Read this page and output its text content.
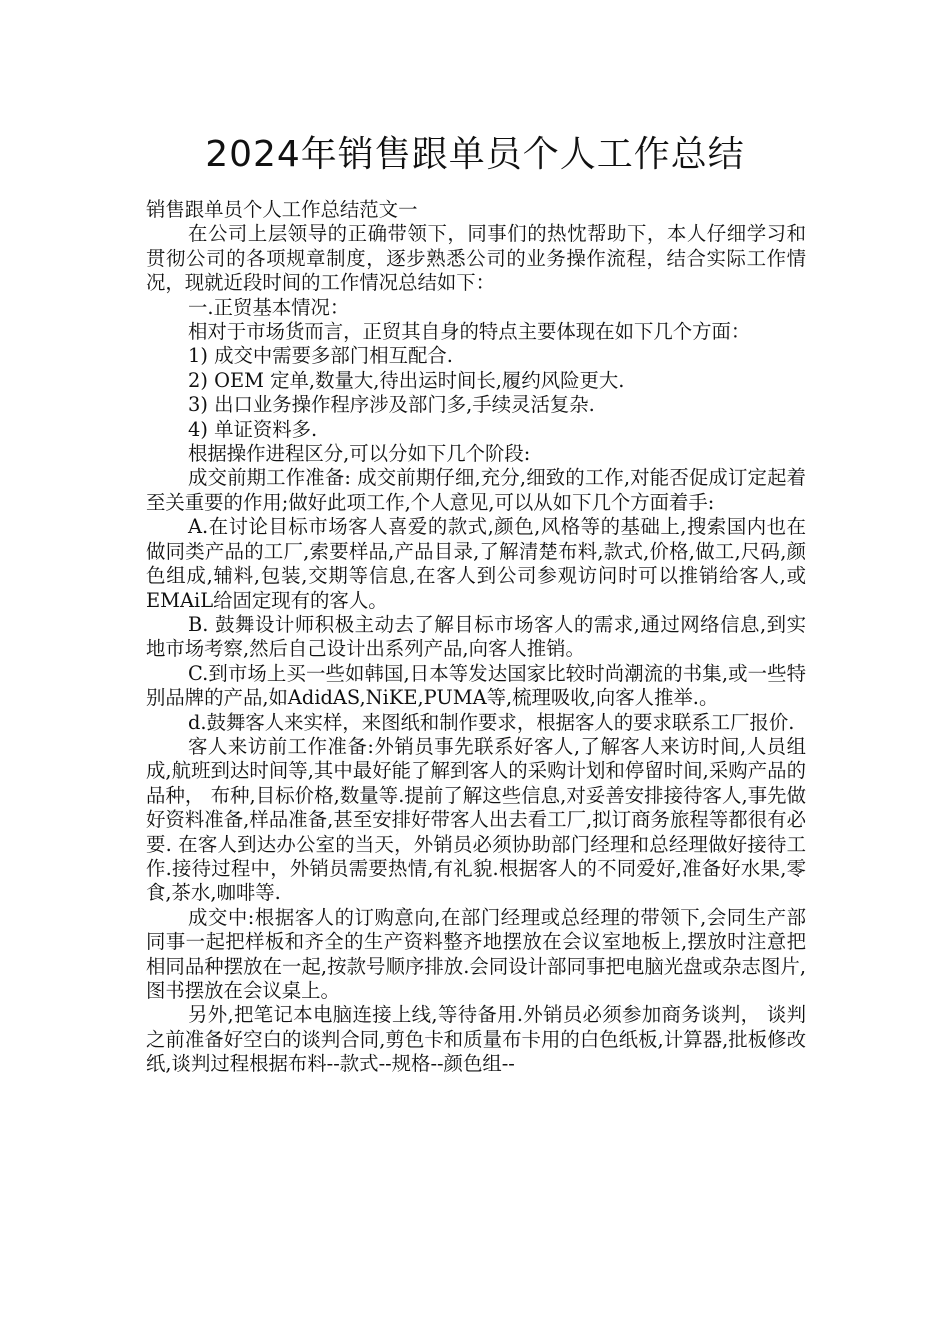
2024年销售跟单员个人工作总结

销售跟单员个人工作总结范文一

在公司上层领导的正确带领下，同事们的热忱帮助下，本人仔细学习和贯彻公司的各项规章制度，逐步熟悉公司的业务操作流程，结合实际工作情况，现就近段时间的工作情况总结如下：

一.正贸基本情况：

相对于市场货而言，正贸其自身的特点主要体现在如下几个方面：

1) 成交中需要多部门相互配合.

2) OEM 定单,数量大,待出运时间长,履约风险更大.

3) 出口业务操作程序涉及部门多,手续灵活复杂.

4) 单证资料多.

根据操作进程区分,可以分如下几个阶段:

成交前期工作准备: 成交前期仔细,充分,细致的工作,对能否促成订定起着至关重要的作用;做好此项工作,个人意见,可以从如下几个方面着手:

A.在讨论目标市场客人喜爱的款式,颜色,风格等的基础上,搜索国内也在做同类产品的工厂,索要样品,产品目录,了解清楚布料,款式,价格,做工,尺码,颜色组成,辅料,包装,交期等信息,在客人到公司参观访问时可以推销给客人,或EMAiL给固定现有的客人。

B. 鼓舞设计师积极主动去了解目标市场客人的需求,通过网络信息,到实地市场考察,然后自己设计出系列产品,向客人推销。

C.到市场上买一些如韩国,日本等发达国家比较时尚潮流的书集,或一些特别品牌的产品,如AdidAS,NiKE,PUMA等,梳理吸收,向客人推举.。

d.鼓舞客人来实样，来图纸和制作要求，根据客人的要求联系工厂报价.

客人来访前工作准备:外销员事先联系好客人,了解客人来访时间,人员组成,航班到达时间等,其中最好能了解到客人的采购计划和停留时间,采购产品的品种， 布种,目标价格,数量等.提前了解这些信息,对妥善安排接待客人,事先做好资料准备,样品准备,甚至安排好带客人出去看工厂,拟订商务旅程等都很有必要. 在客人到达办公室的当天，外销员必须协助部门经理和总经理做好接待工作.接待过程中，外销员需要热情,有礼貌.根据客人的不同爱好,准备好水果,零食,茶水,咖啡等.

成交中:根据客人的订购意向,在部门经理或总经理的带领下,会同生产部同事一起把样板和齐全的生产资料整齐地摆放在会议室地板上,摆放时注意把相同品种摆放在一起,按款号顺序排放.会同设计部同事把电脑光盘或杂志图片,图书摆放在会议桌上。

另外,把笔记本电脑连接上线,等待备用.外销员必须参加商务谈判， 谈判之前准备好空白的谈判合同,剪色卡和质量布卡用的白色纸板,计算器,批板修改纸,谈判过程根据布料--款式--规格--颜色组--
